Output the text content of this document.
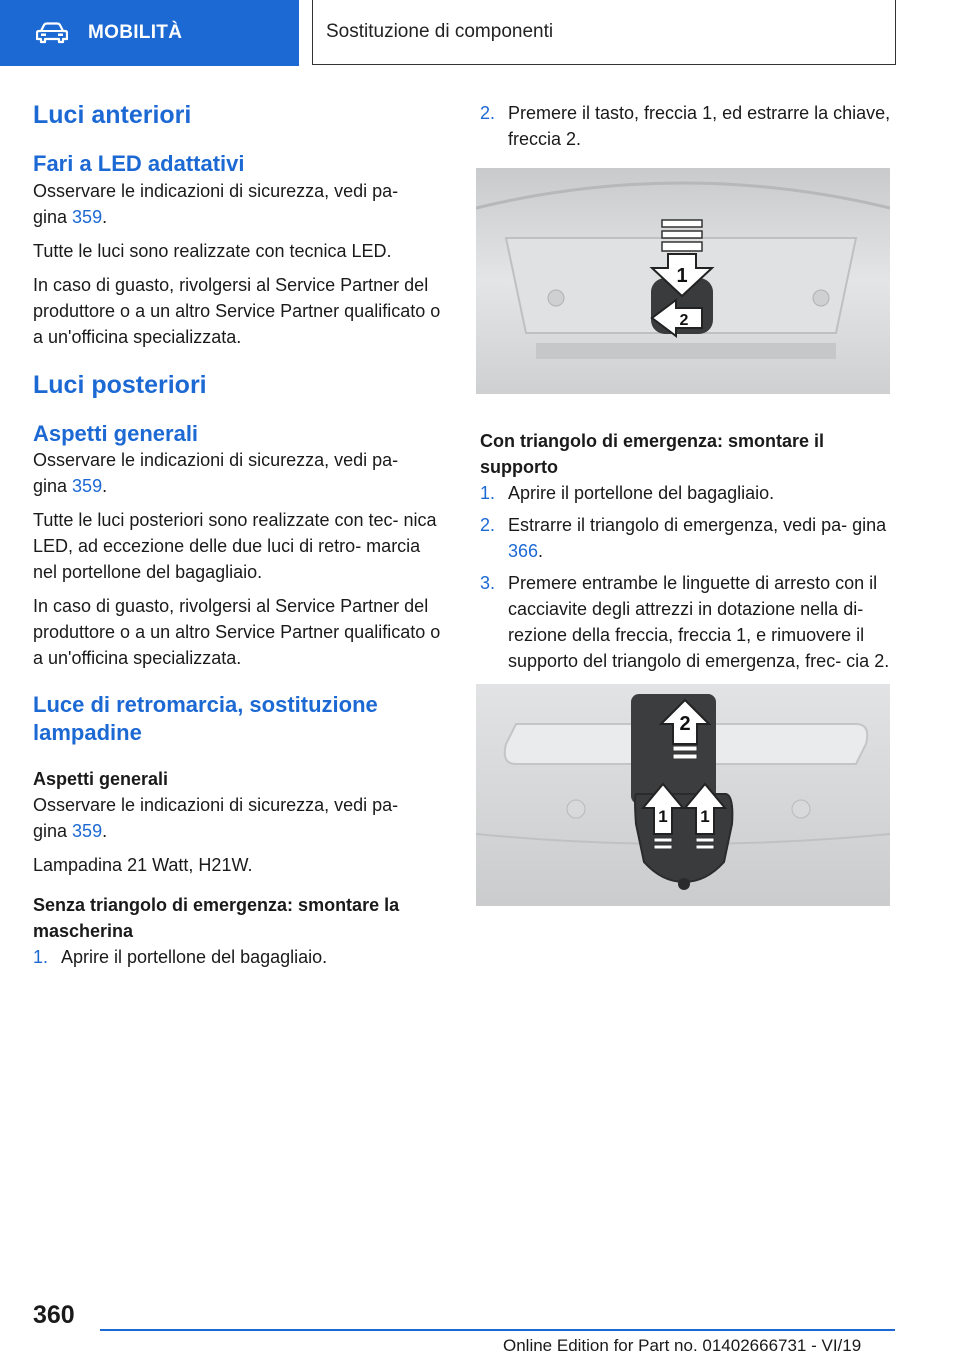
MOBILITÀ	Sostituzione di componenti
Luci anteriori
Fari a LED adattativi

Osservare le indicazioni di sicurezza, vedi pa‐
gina 359.

Tutte le luci sono realizzate con tecnica LED.

In caso di guasto, rivolgersi al Service Partner del produttore o a un altro Service Partner qualificato o a un'officina specializzata.

Luci posteriori
Aspetti generali

Osservare le indicazioni di sicurezza, vedi pa‐
gina 359.

Tutte le luci posteriori sono realizzate con tec‐ nica LED, ad eccezione delle due luci di retro‐ marcia nel portellone del bagagliaio.

In caso di guasto, rivolgersi al Service Partner del produttore o a un altro Service Partner qualificato o a un'officina specializzata.

Luce di retromarcia, sostituzione lampadine
Aspetti generali

Osservare le indicazioni di sicurezza, vedi pa‐
gina 359.

Lampadina 21 Watt, H21W.

Senza triangolo di emergenza: smontare la mascherina
1. Aprire il portellone del bagagliaio.
2. Premere il tasto, freccia 1, ed estrarre la chiave, freccia 2.
1
2
Con triangolo di emergenza: smontare il supporto
1. Aprire il portellone del bagagliaio.
2. Estrarre il triangolo di emergenza, vedi pa‐ gina 366.
3. Premere entrambe le linguette di arresto con il cacciavite degli attrezzi in dotazione nella di‐ rezione della freccia, freccia 1, e rimuovere il supporto del triangolo di emergenza, frec‐ cia 2.
2
1 1
360
Online Edition for Part no. 01402666731 - VI/19
